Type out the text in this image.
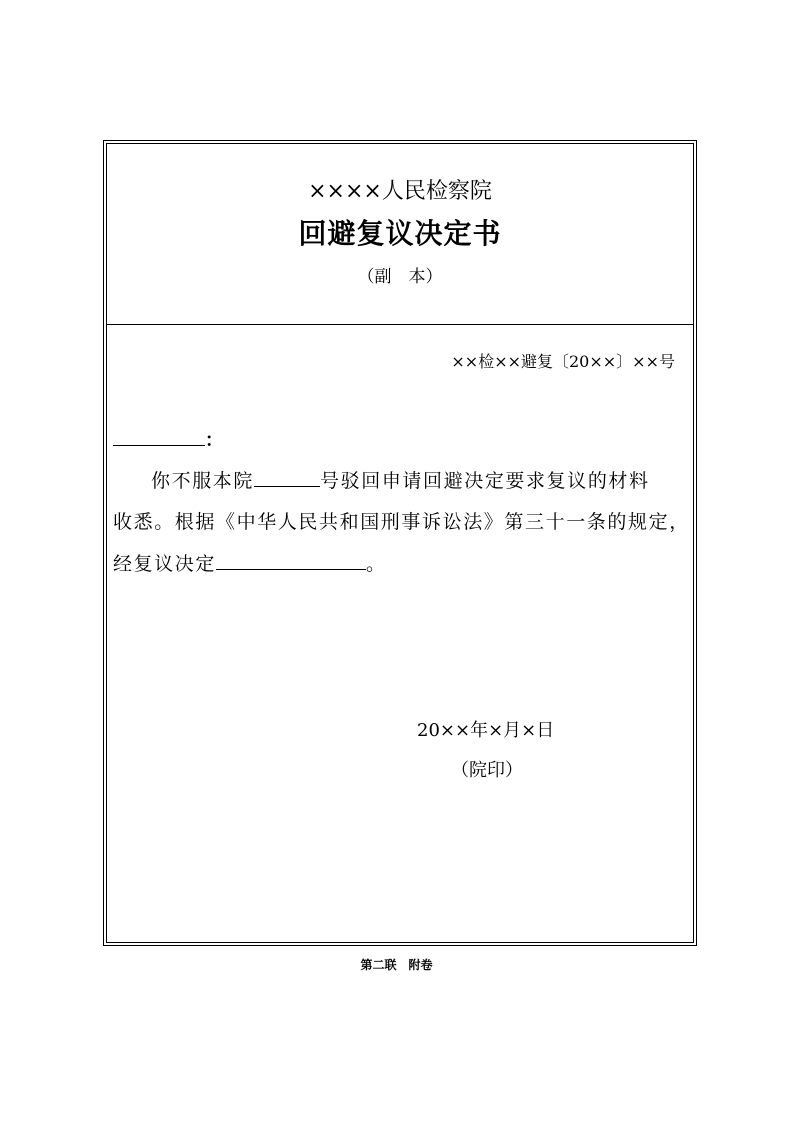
××××人民检察院
回避复议决定书
（副　本）
××检××避复〔20××〕××号
：
你不服本院	号驳回申请回避决定要求复议的材料
收悉。根据《中华人民共和国刑事诉讼法》第三十一条的规定，
经复议决定	。
20××年×月×日
（院印）
第二联　附卷
